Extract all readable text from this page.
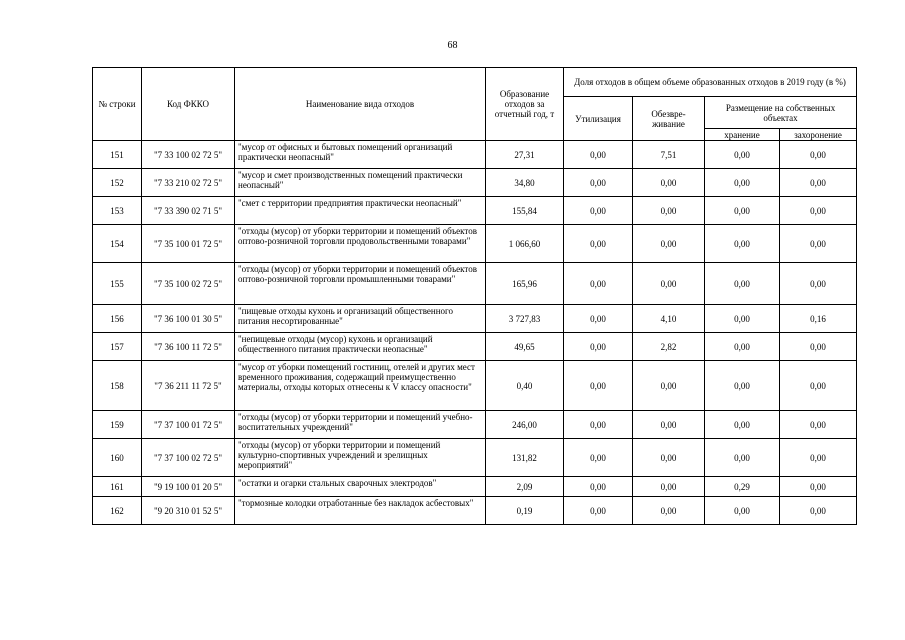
68
№ строки	Код ФККО	Наименование вида отходов	Образование отходов за отчетный год, т	Доля отходов в общем объеме образованных отходов в 2019 году (в %)			
				Утилизация	Обезвре-живание	Размещение на собственных объектах	
						хранение	захоронение
151	"7 33 100 02 72 5"	"мусор от офисных и бытовых помещений организаций практически неопасный"	27,31	0,00	7,51	0,00	0,00
152	"7 33 210 02 72 5"	"мусор и смет производственных помещений практически неопасный"	34,80	0,00	0,00	0,00	0,00
153	"7 33 390 02 71 5"	"смет с территории предприятия практически неопасный"	155,84	0,00	0,00	0,00	0,00
154	"7 35 100 01 72 5"	"отходы (мусор) от уборки территории и помещений объектов оптово-розничной торговли продовольственными товарами"	1 066,60	0,00	0,00	0,00	0,00
155	"7 35 100 02 72 5"	"отходы (мусор) от уборки территории и помещений объектов оптово-розничной торговли промышленными товарами"	165,96	0,00	0,00	0,00	0,00
156	"7 36 100 01 30 5"	"пищевые отходы кухонь и организаций общественного питания несортированные"	3 727,83	0,00	4,10	0,00	0,16
157	"7 36 100 11 72 5"	"непищевые отходы (мусор) кухонь и организаций общественного питания практически неопасные"	49,65	0,00	2,82	0,00	0,00
158	"7 36 211 11 72 5"	"мусор от уборки помещений гостиниц, отелей и других мест временного проживания, содержащий преимущественно материалы, отходы которых отнесены к V классу опасности"	0,40	0,00	0,00	0,00	0,00
159	"7 37 100 01 72 5"	"отходы (мусор) от уборки территории и помещений учебно-воспитательных учреждений"	246,00	0,00	0,00	0,00	0,00
160	"7 37 100 02 72 5"	"отходы (мусор) от уборки территории и помещений культурно-спортивных учреждений и зрелищных мероприятий"	131,82	0,00	0,00	0,00	0,00
161	"9 19 100 01 20 5"	"остатки и огарки стальных сварочных электродов"	2,09	0,00	0,00	0,29	0,00
162	"9 20 310 01 52 5"	"тормозные колодки отработанные без накладок асбестовых"	0,19	0,00	0,00	0,00	0,00
